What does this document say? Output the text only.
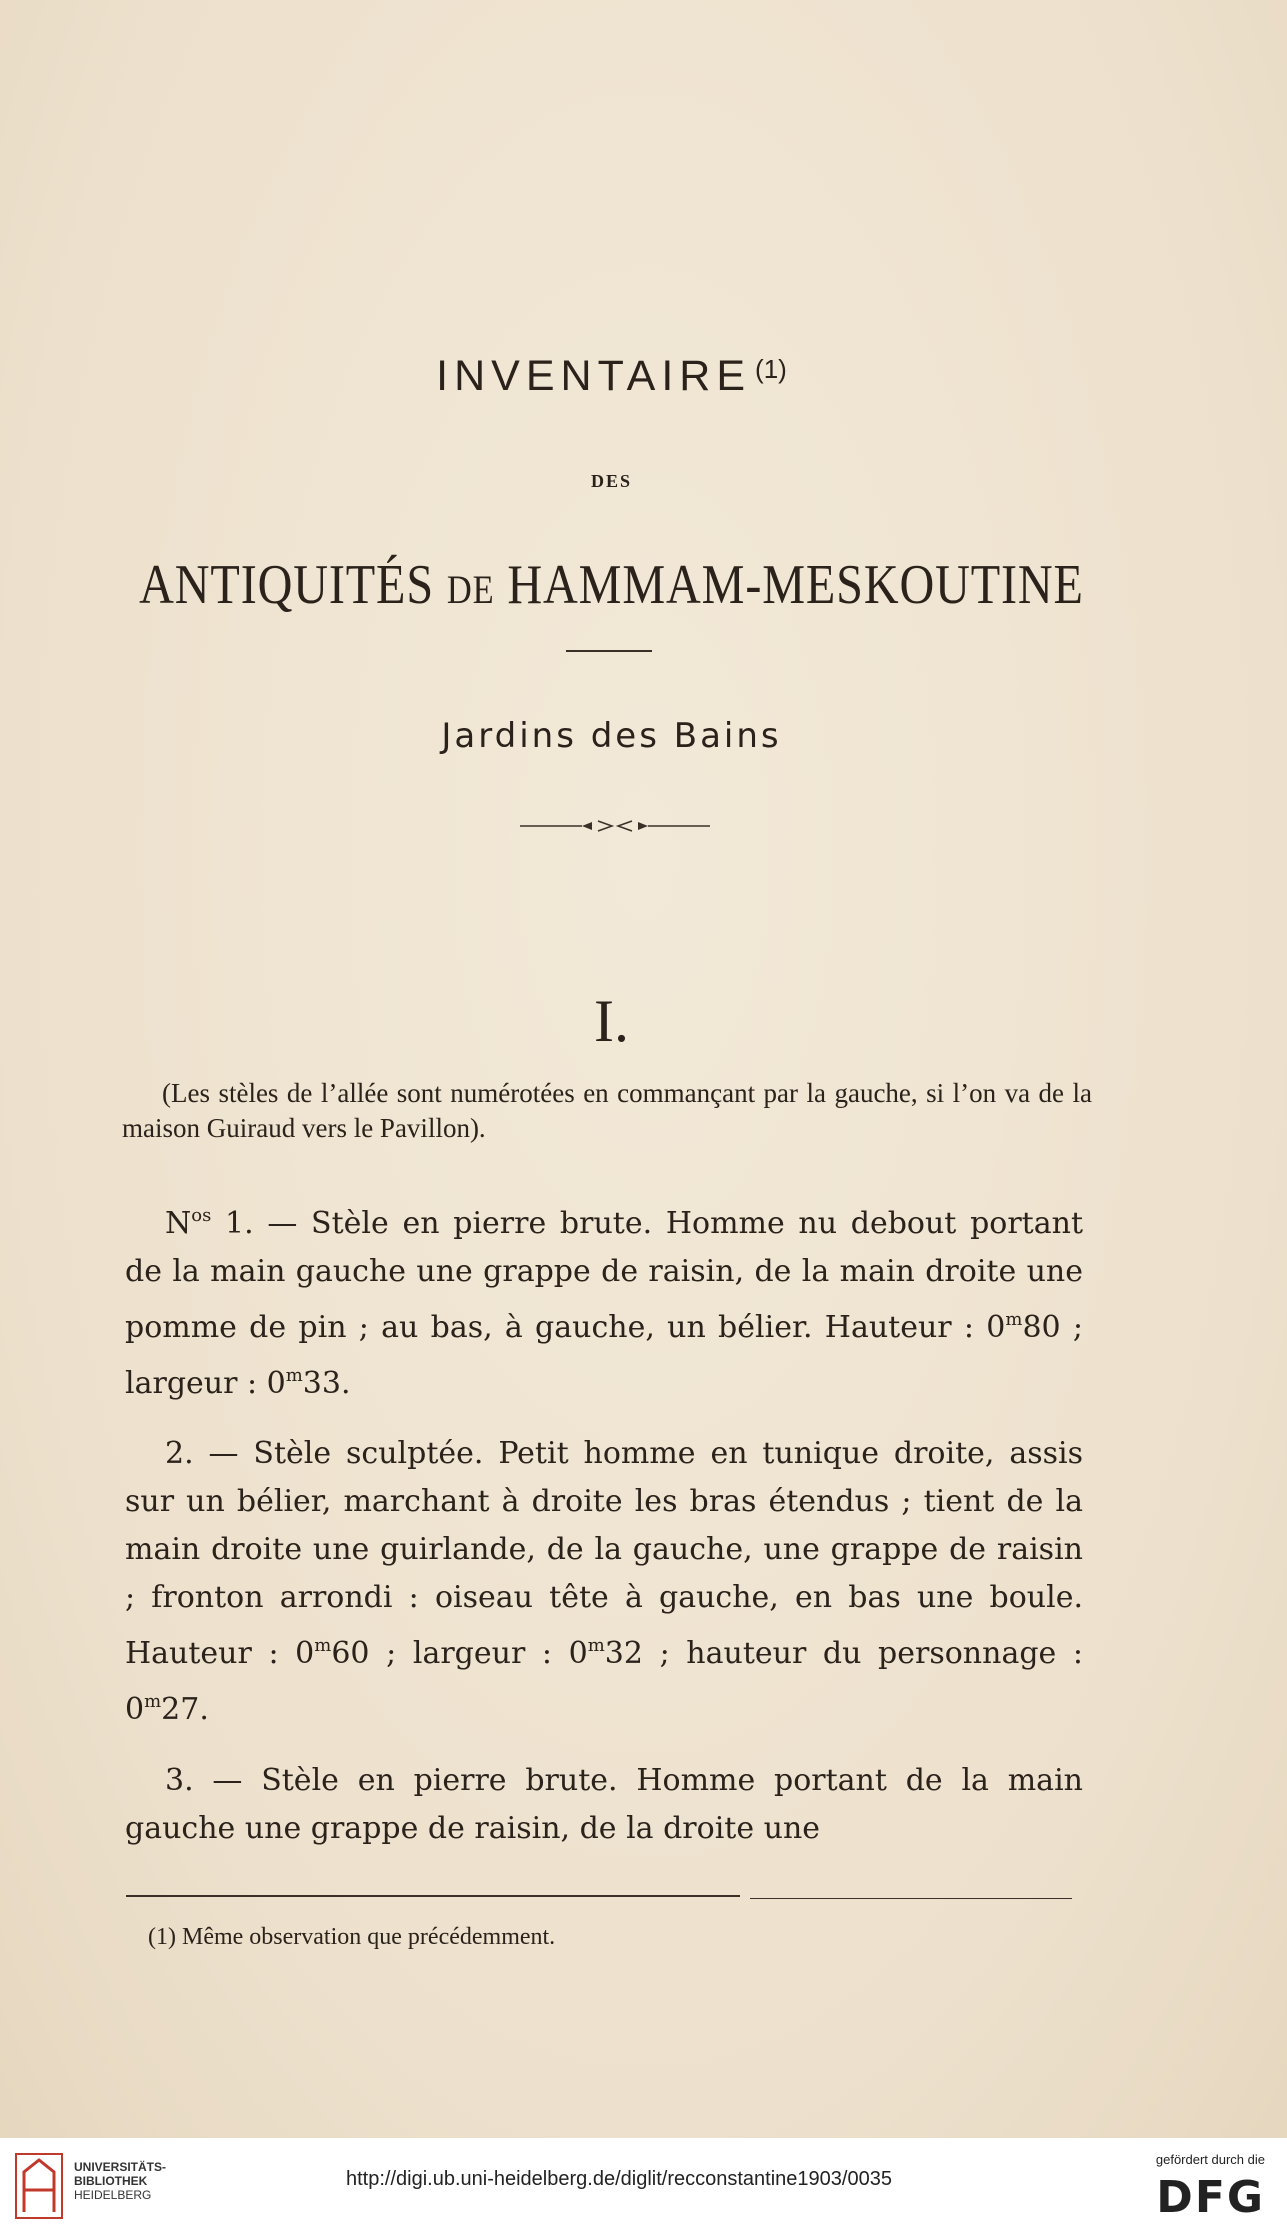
INVENTAIRE $^{(1)}$
DES
ANTIQUITÉS DE HAMMAM-MESKOUTINE
Jardins des Bains
I.
(Les stèles de l’allée sont numérotées en commançant par la gauche, si l’on va de la maison Guiraud vers le Pavillon).
$N^{os}$ 1. — Stèle en pierre brute. Homme nu debout portant de la main gauche une grappe de raisin, de la main droite une pomme de pin ; au bas, à gauche, un bélier. Hauteur : 0$^m$80 ; largeur : 0$^m$33.
2. — Stèle sculptée. Petit homme en tunique droite, assis sur un bélier, marchant à droite les bras étendus ; tient de la main droite une guirlande, de la gauche, une grappe de raisin ; fronton arrondi : oiseau tête à gauche, en bas une boule. Hauteur : 0$^m$60 ; largeur : 0$^m$32 ; hauteur du personnage : 0$^m$27.
3. — Stèle en pierre brute. Homme portant de la main gauche une grappe de raisin, de la droite une
(1) Même observation que précédemment.
UNIVERSITÄTS-
BIBLIOTHEK
HEIDELBERG
http://digi.ub.uni-heidelberg.de/diglit/recconstantine1903/0035
gefördert durch die
DFG
